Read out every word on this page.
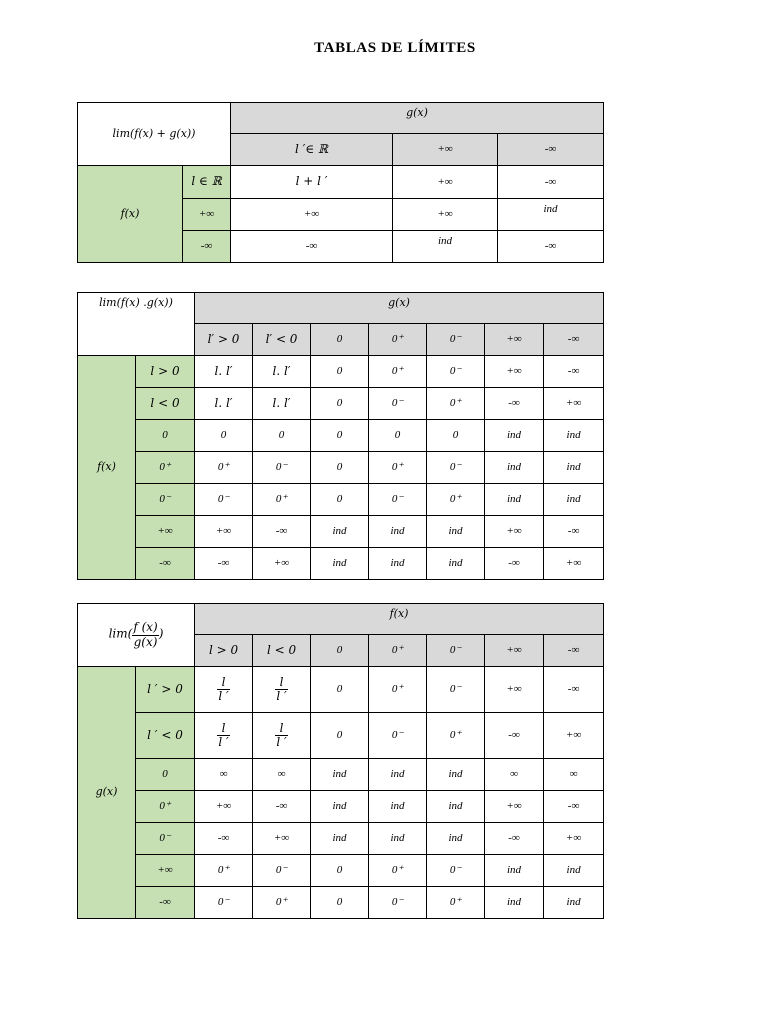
TABLAS DE LÍMITES
lim(f(x) + g(x))		g(x)		
		l ′∈ ℝ	+∞	-∞
f(x)	l ∈ ℝ	l + l ′	+∞	-∞
	+∞	+∞	+∞	ind
	-∞	-∞	ind	-∞
lim(f(x) .g(x))		g(x)						
		l′ > 0	l′ < 0	0	0⁺	0⁻	+∞	-∞
f(x)	l > 0	l. l′	l. l′	0	0⁺	0⁻	+∞	-∞
	l < 0	l. l′	l. l′	0	0⁻	0⁺	-∞	+∞
	0	0	0	0	0	0	ind	ind
	0⁺	0⁺	0⁻	0	0⁺	0⁻	ind	ind
	0⁻	0⁻	0⁺	0	0⁻	0⁺	ind	ind
	+∞	+∞	-∞	ind	ind	ind	+∞	-∞
	-∞	-∞	+∞	ind	ind	ind	-∞	+∞
$\lim( \frac{f (x)}{g(x)}$ )		f(x)						
		l > 0	l < 0	0	0⁺	0⁻	+∞	-∞
g(x)	l ′ > 0	$\frac{l}{l '}$	$\frac{l}{l '}$	0	0⁺	0⁻	+∞	-∞
	l ′ < 0	$\frac{l}{l '}$	$\frac{l}{l '}$	0	0⁻	0⁺	-∞	+∞
	0	∞	∞	ind	ind	ind	∞	∞
	0⁺	+∞	-∞	ind	ind	ind	+∞	-∞
	0⁻	-∞	+∞	ind	ind	ind	-∞	+∞
	+∞	0⁺	0⁻	0	0⁺	0⁻	ind	ind
	-∞	0⁻	0⁺	0	0⁻	0⁺	ind	ind
